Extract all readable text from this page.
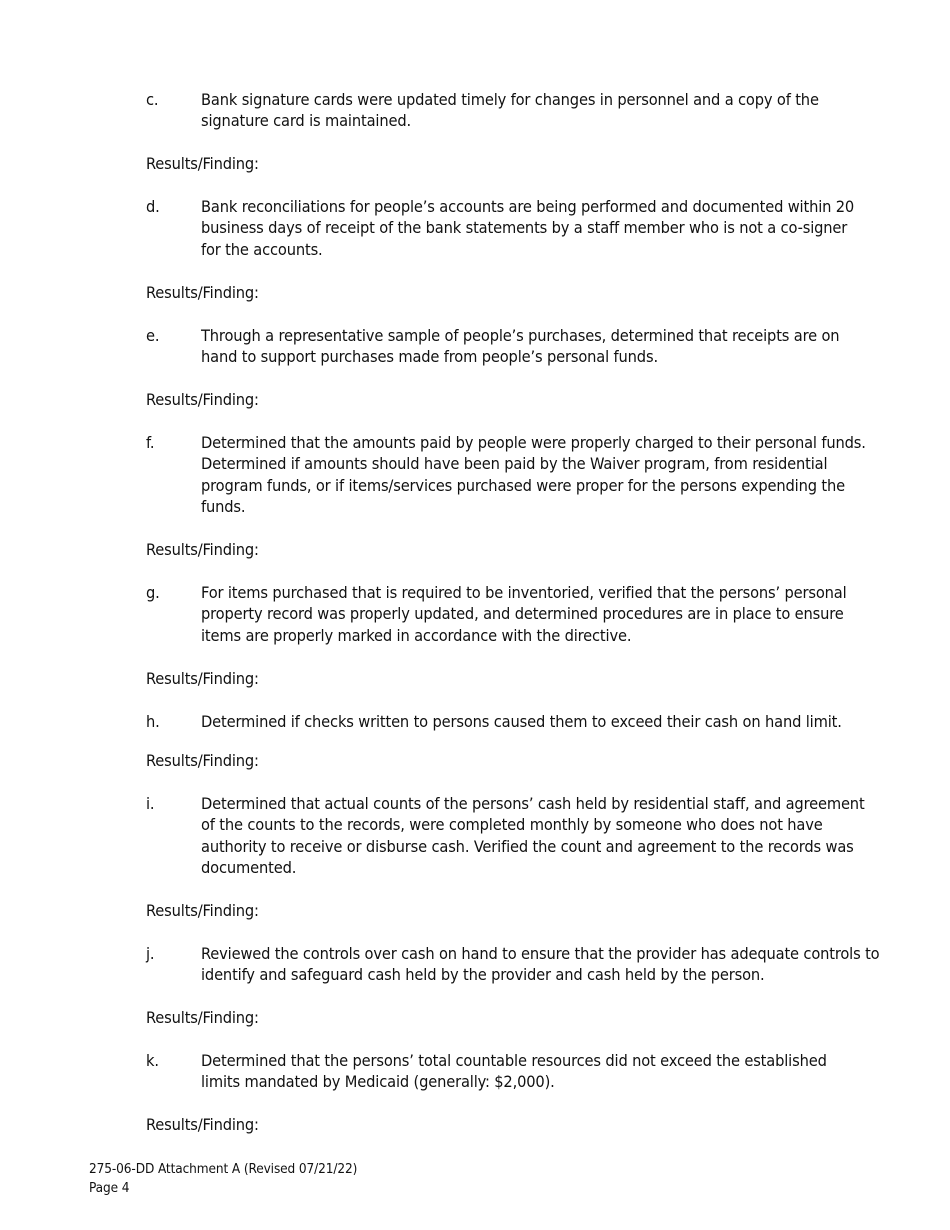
c.	Bank signature cards were updated timely for changes in personnel and a copy of the signature card is maintained.
Results/Finding:
d.	Bank reconciliations for people’s accounts are being performed and documented within 20 business days of receipt of the bank statements by a staff member who is not a co-signer for the accounts.
Results/Finding:
e.	Through a representative sample of people’s purchases, determined that receipts are on hand to support purchases made from people’s personal funds.
Results/Finding:
f.	Determined that the amounts paid by people were properly charged to their personal funds. Determined if amounts should have been paid by the Waiver program, from residential program funds, or if items/services purchased were proper for the persons expending the funds.
Results/Finding:
g.	For items purchased that is required to be inventoried, verified that the persons’ personal property record was properly updated, and determined procedures are in place to ensure items are properly marked in accordance with the directive.
Results/Finding:
h.	Determined if checks written to persons caused them to exceed their cash on hand limit.
Results/Finding:
i.	Determined that actual counts of the persons’ cash held by residential staff, and agreement of the counts to the records, were completed monthly by someone who does not have authority to receive or disburse cash. Verified the count and agreement to the records was documented.
Results/Finding:
j.	Reviewed the controls over cash on hand to ensure that the provider has adequate controls to identify and safeguard cash held by the provider and cash held by the person.
Results/Finding:
k.	Determined that the persons’ total countable resources did not exceed the established limits mandated by Medicaid (generally: $2,000).
Results/Finding:
275-06-DD Attachment A (Revised 07/21/22)
Page 4
